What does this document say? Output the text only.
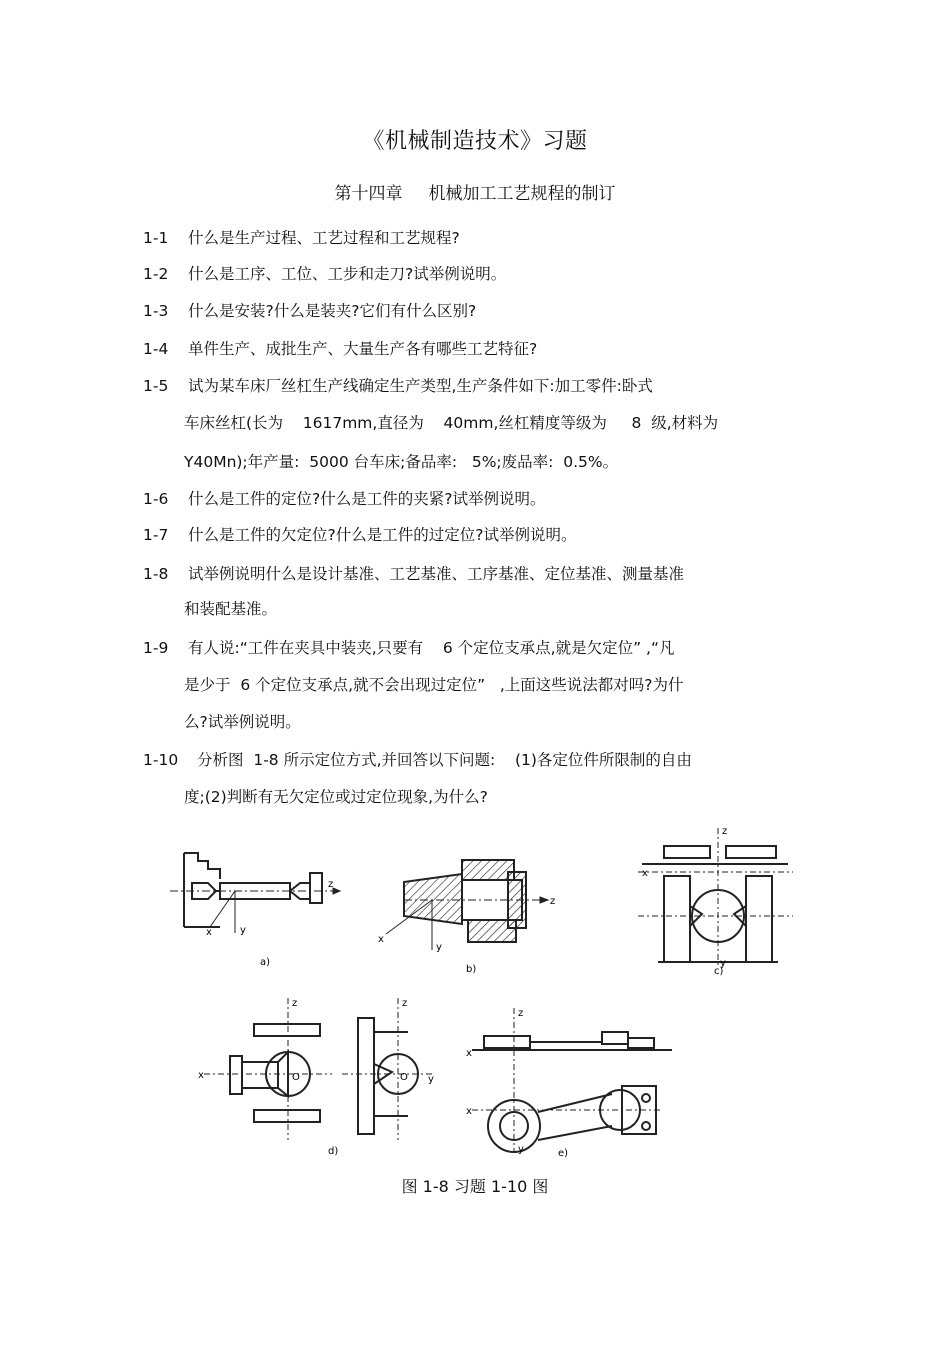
《机械制造技术》习题
第十四章 机械加工工艺规程的制订
1-1 什么是生产过程、工艺过程和工艺规程?
1-2 什么是工序、工位、工步和走刀?试举例说明。
1-3 什么是安装?什么是装夹?它们有什么区别?
1-4 单件生产、成批生产、大量生产各有哪些工艺特征?
1-5 试为某车床厂丝杠生产线确定生产类型,生产条件如下:加工零件:卧式
车床丝杠(长为    1617mm,直径为    40mm,丝杠精度等级为     8  级,材料为
Y40Mn);年产量:  5000 台车床;备品率:   5%;废品率:  0.5%。
1-6 什么是工件的定位?什么是工件的夹紧?试举例说明。
1-7 什么是工件的欠定位?什么是工件的过定位?试举例说明。
1-8 试举例说明什么是设计基准、工艺基准、工序基准、定位基准、测量基准
和装配基准。
1-9 有人说:“工件在夹具中装夹,只要有    6 个定位支承点,就是欠定位” ,“凡
是少于  6 个定位支承点,就不会出现过定位”   ,上面这些说法都对吗?为什
么?试举例说明。
1-10 分析图  1-8 所示定位方式,并回答以下问题:    (1)各定位件所限制的自由
度;(2)判断有无欠定位或过定位现象,为什么?
x	y
z
a)
x
y
z
b)
z
x
y
c)
z
x	O
z
y
O
d)
z
x
x
y	e)
图 1-8 习题 1-10 图
